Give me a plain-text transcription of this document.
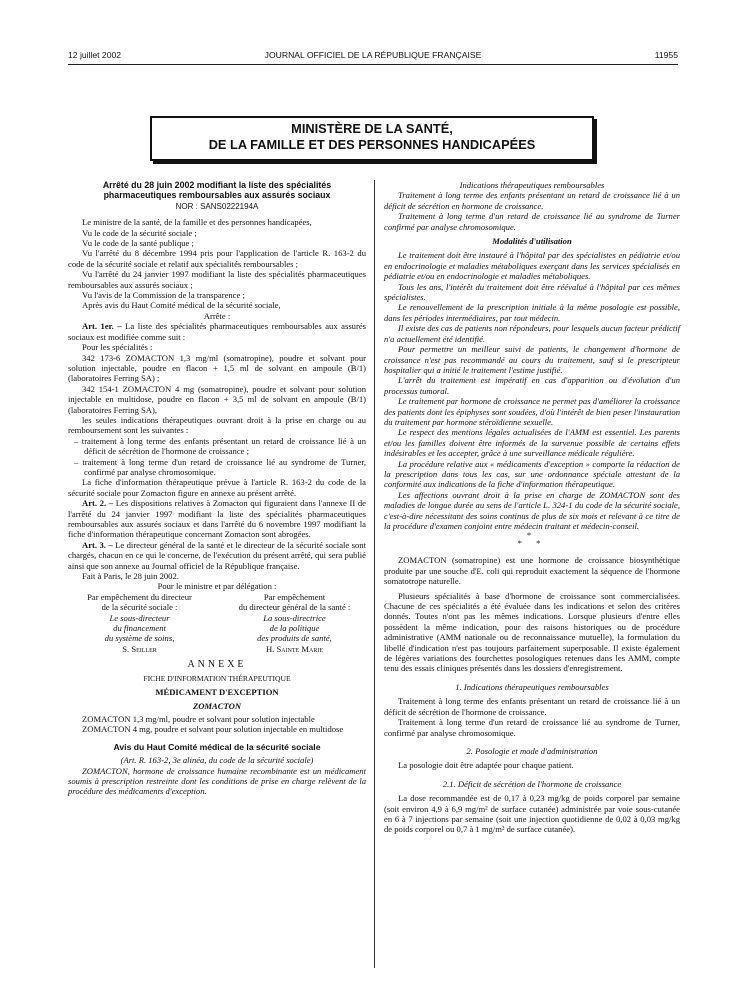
12 juillet 2002	JOURNAL OFFICIEL DE LA RÉPUBLIQUE FRANÇAISE	11955
MINISTÈRE DE LA SANTÉ,
DE LA FAMILLE ET DES PERSONNES HANDICAPÉES

Arrêté du 28 juin 2002 modifiant la liste des spécialités pharmaceutiques remboursables aux assurés sociaux

NOR : SANS0222194A

Le ministre de la santé, de la famille et des personnes handicapées,

Vu le code de la sécurité sociale ;

Vu le code de la santé publique ;

Vu l'arrêté du 8 décembre 1994 pris pour l'application de l'article R. 163-2 du code de la sécurité sociale et relatif aux spécialités remboursables ;

Vu l'arrêté du 24 janvier 1997 modifiant la liste des spécialités pharmaceutiques remboursables aux assurés sociaux ;

Vu l'avis de la Commission de la transparence ;

Après avis du Haut Comité médical de la sécurité sociale,

Arrête :

Art. 1er. – La liste des spécialités pharmaceutiques remboursables aux assurés sociaux est modifiée comme suit :

Pour les spécialités :

342 173-6 ZOMACTON 1,3 mg/ml (somatropine), poudre et solvant pour solution injectable, poudre en flacon + 1,5 ml de solvant en ampoule (B/1) (laboratoires Ferring SA) ;

342 154-1 ZOMACTON 4 mg (somatropine), poudre et solvant pour solution injectable en multidose, poudre en flacon + 3,5 ml de solvant en ampoule (B/1) (laboratoires Ferring SA),

les seules indications thérapeutiques ouvrant droit à la prise en charge ou au remboursement sont les suivantes :

– traitement à long terme des enfants présentant un retard de croissance lié à un déficit de sécrétion de l'hormone de croissance ;

– traitement à long terme d'un retard de croissance lié au syndrome de Turner, confirmé par analyse chromosomique.

La fiche d'information thérapeutique prévue à l'article R. 163-2 du code de la sécurité sociale pour Zomacton figure en annexe au présent arrêté.

Art. 2. – Les dispositions relatives à Zomacton qui figuraient dans l'annexe II de l'arrêté du 24 janvier 1997 modifiant la liste des spécialités pharmaceutiques remboursables aux assurés sociaux et dans l'arrêté du 6 novembre 1997 modifiant la fiche d'information thérapeutique concernant Zomacton sont abrogées.

Art. 3. – Le directeur général de la santé et le directeur de la sécurité sociale sont chargés, chacun en ce qui le concerne, de l'exécution du présent arrêté, qui sera publié ainsi que son annexe au Journal officiel de la République française.

Fait à Paris, le 28 juin 2002.

Pour le ministre et par délégation :

Par empêchement du directeur

de la sécurité sociale :

Le sous-directeur

du financement

du système de soins,

S. Seiller

Par empêchement

du directeur général de la santé :

La sous-directrice

de la politique

des produits de santé,

H. Sainte Marie

ANNEXE

FICHE D'INFORMATION THÉRAPEUTIQUE

MÉDICAMENT D'EXCEPTION

ZOMACTON

ZOMACTON 1,3 mg/ml, poudre et solvant pour solution injectable

ZOMACTON 4 mg, poudre et solvant pour solution injectable en multidose

Avis du Haut Comité médical de la sécurité sociale

(Art. R. 163-2, 3e alinéa, du code de la sécurité sociale)

ZOMACTON, hormone de croissance humaine recombinante est un médicament soumis à prescription restreinte dont les conditions de prise en charge relèvent de la procédure des médicaments d'exception.

Indications thérapeutiques remboursables

Traitement à long terme des enfants présentant un retard de croissance lié à un déficit de sécrétion en hormone de croissance.

Traitement à long terme d'un retard de croissance lié au syndrome de Turner confirmé par analyse chromosomique.

Modalités d'utilisation

Le traitement doit être instauré à l'hôpital par des spécialistes en pédiatrie et/ou en endocrinologie et maladies métaboliques exerçant dans les services spécialisés en pédiatrie et/ou en endocrinologie et maladies métaboliques.

Tous les ans, l'intérêt du traitement doit être réévalué à l'hôpital par ces mêmes spécialistes.

Le renouvellement de la prescription initiale à la même posologie est possible, dans les périodes intermédiaires, par tout médecin.

Il existe des cas de patients non répondeurs, pour lesquels aucun facteur prédictif n'a actuellement été identifié.

Pour permettre un meilleur suivi de patients, le changement d'hormone de croissance n'est pas recommandé au cours du traitement, sauf si le prescripteur hospitalier qui a initié le traitement l'estime justifié.

L'arrêt du traitement est impératif en cas d'apparition ou d'évolution d'un processus tumoral.

Le traitement par hormone de croissance ne permet pas d'améliorer la croissance des patients dont les épiphyses sont soudées, d'où l'intérêt de bien peser l'instauration du traitement par hormone stéroïdienne sexuelle.

Le respect des mentions légales actualisées de l'AMM est essentiel. Les parents et/ou les familles doivent être informés de la survenue possible de certains effets indésirables et les accepter, grâce à une surveillance médicale régulière.

La procédure relative aux « médicaments d'exception » comporte la rédaction de la prescription dans tous les cas, sur une ordonnance spéciale attestant de la conformité aux indications de la fiche d'information thérapeutique.

Les affections ouvrant droit à la prise en charge de ZOMACTON sont des maladies de longue durée au sens de l'article L. 324-1 du code de la sécurité sociale, c'est-à-dire nécessitant des soins continus de plus de six mois et relevant à ce titre de la procédure d'examen conjoint entre médecin traitant et médecin-conseil.

*

* *

ZOMACTON (somatropine) est une hormone de croissance biosynthétique produite par une souche d'E. coli qui reproduit exactement la séquence de l'hormone somatotrope naturelle.

Plusieurs spécialités à base d'hormone de croissance sont commercialisées. Chacune de ces spécialités a été évaluée dans les indications et selon des critères donnés. Toutes n'ont pas les mêmes indications. Lorsque plusieurs d'entre elles possèdent la même indication, pour des raisons historiques ou de procédure administrative (AMM nationale ou de reconnaissance mutuelle), la formulation du libellé d'indication n'est pas toujours parfaitement superposable. Il existe également de légères variations des fourchettes posologiques retenues dans les AMM, compte tenu des essais cliniques présentés dans les dossiers d'enregistrement.

1. Indications thérapeutiques remboursables

Traitement à long terme des enfants présentant un retard de croissance lié à un déficit de sécrétion de l'hormone de croissance.

Traitement à long terme d'un retard de croissance lié au syndrome de Turner, confirmé par analyse chromosomique.

2. Posologie et mode d'administration

La posologie doit être adaptée pour chaque patient.

2.1. Déficit de sécrétion de l'hormone de croissance

La dose recommandée est de 0,17 à 0,23 mg/kg de poids corporel par semaine (soit environ 4,9 à 6,9 mg/m² de surface cutanée) administrée par voie sous-cutanée en 6 à 7 injections par semaine (soit une injection quotidienne de 0,02 à 0,03 mg/kg de poids corporel ou 0,7 à 1 mg/m² de surface cutanée).
